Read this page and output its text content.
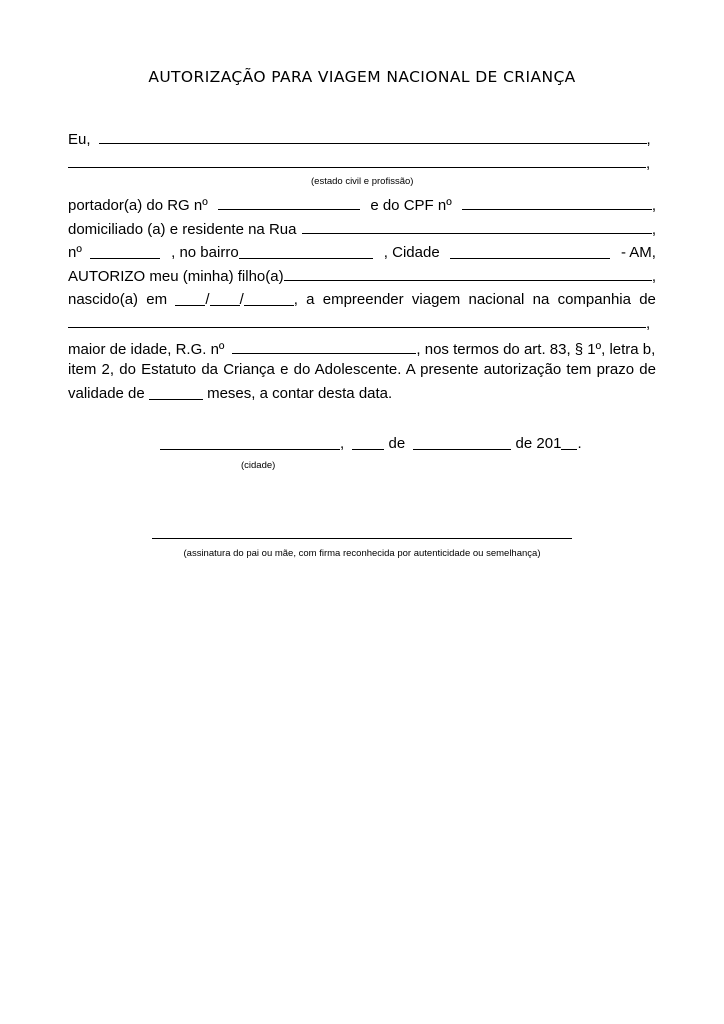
AUTORIZAÇÃO PARA VIAGEM NACIONAL DE CRIANÇA
Eu,	,
,
(estado civil e profissão)
portador(a) do RG nº	e do CPF nº	,
domiciliado (a) e residente na Rua	,
nº	, no bairro	, Cidade	- AM,
AUTORIZO meu (minha) filho(a)	,
nascido(a) em	/ /	, a empreender viagem nacional na companhia de
,
maior de idade, R.G. nº	, nos termos do art. 83, § 1º, letra b,
item 2, do Estatuto da Criança e do Adolescente. A presente autorização tem prazo de validade de	meses, a contar desta data.
,	de	de 201 .
(cidade)
(assinatura do pai ou mãe, com firma reconhecida por autenticidade ou semelhança)
